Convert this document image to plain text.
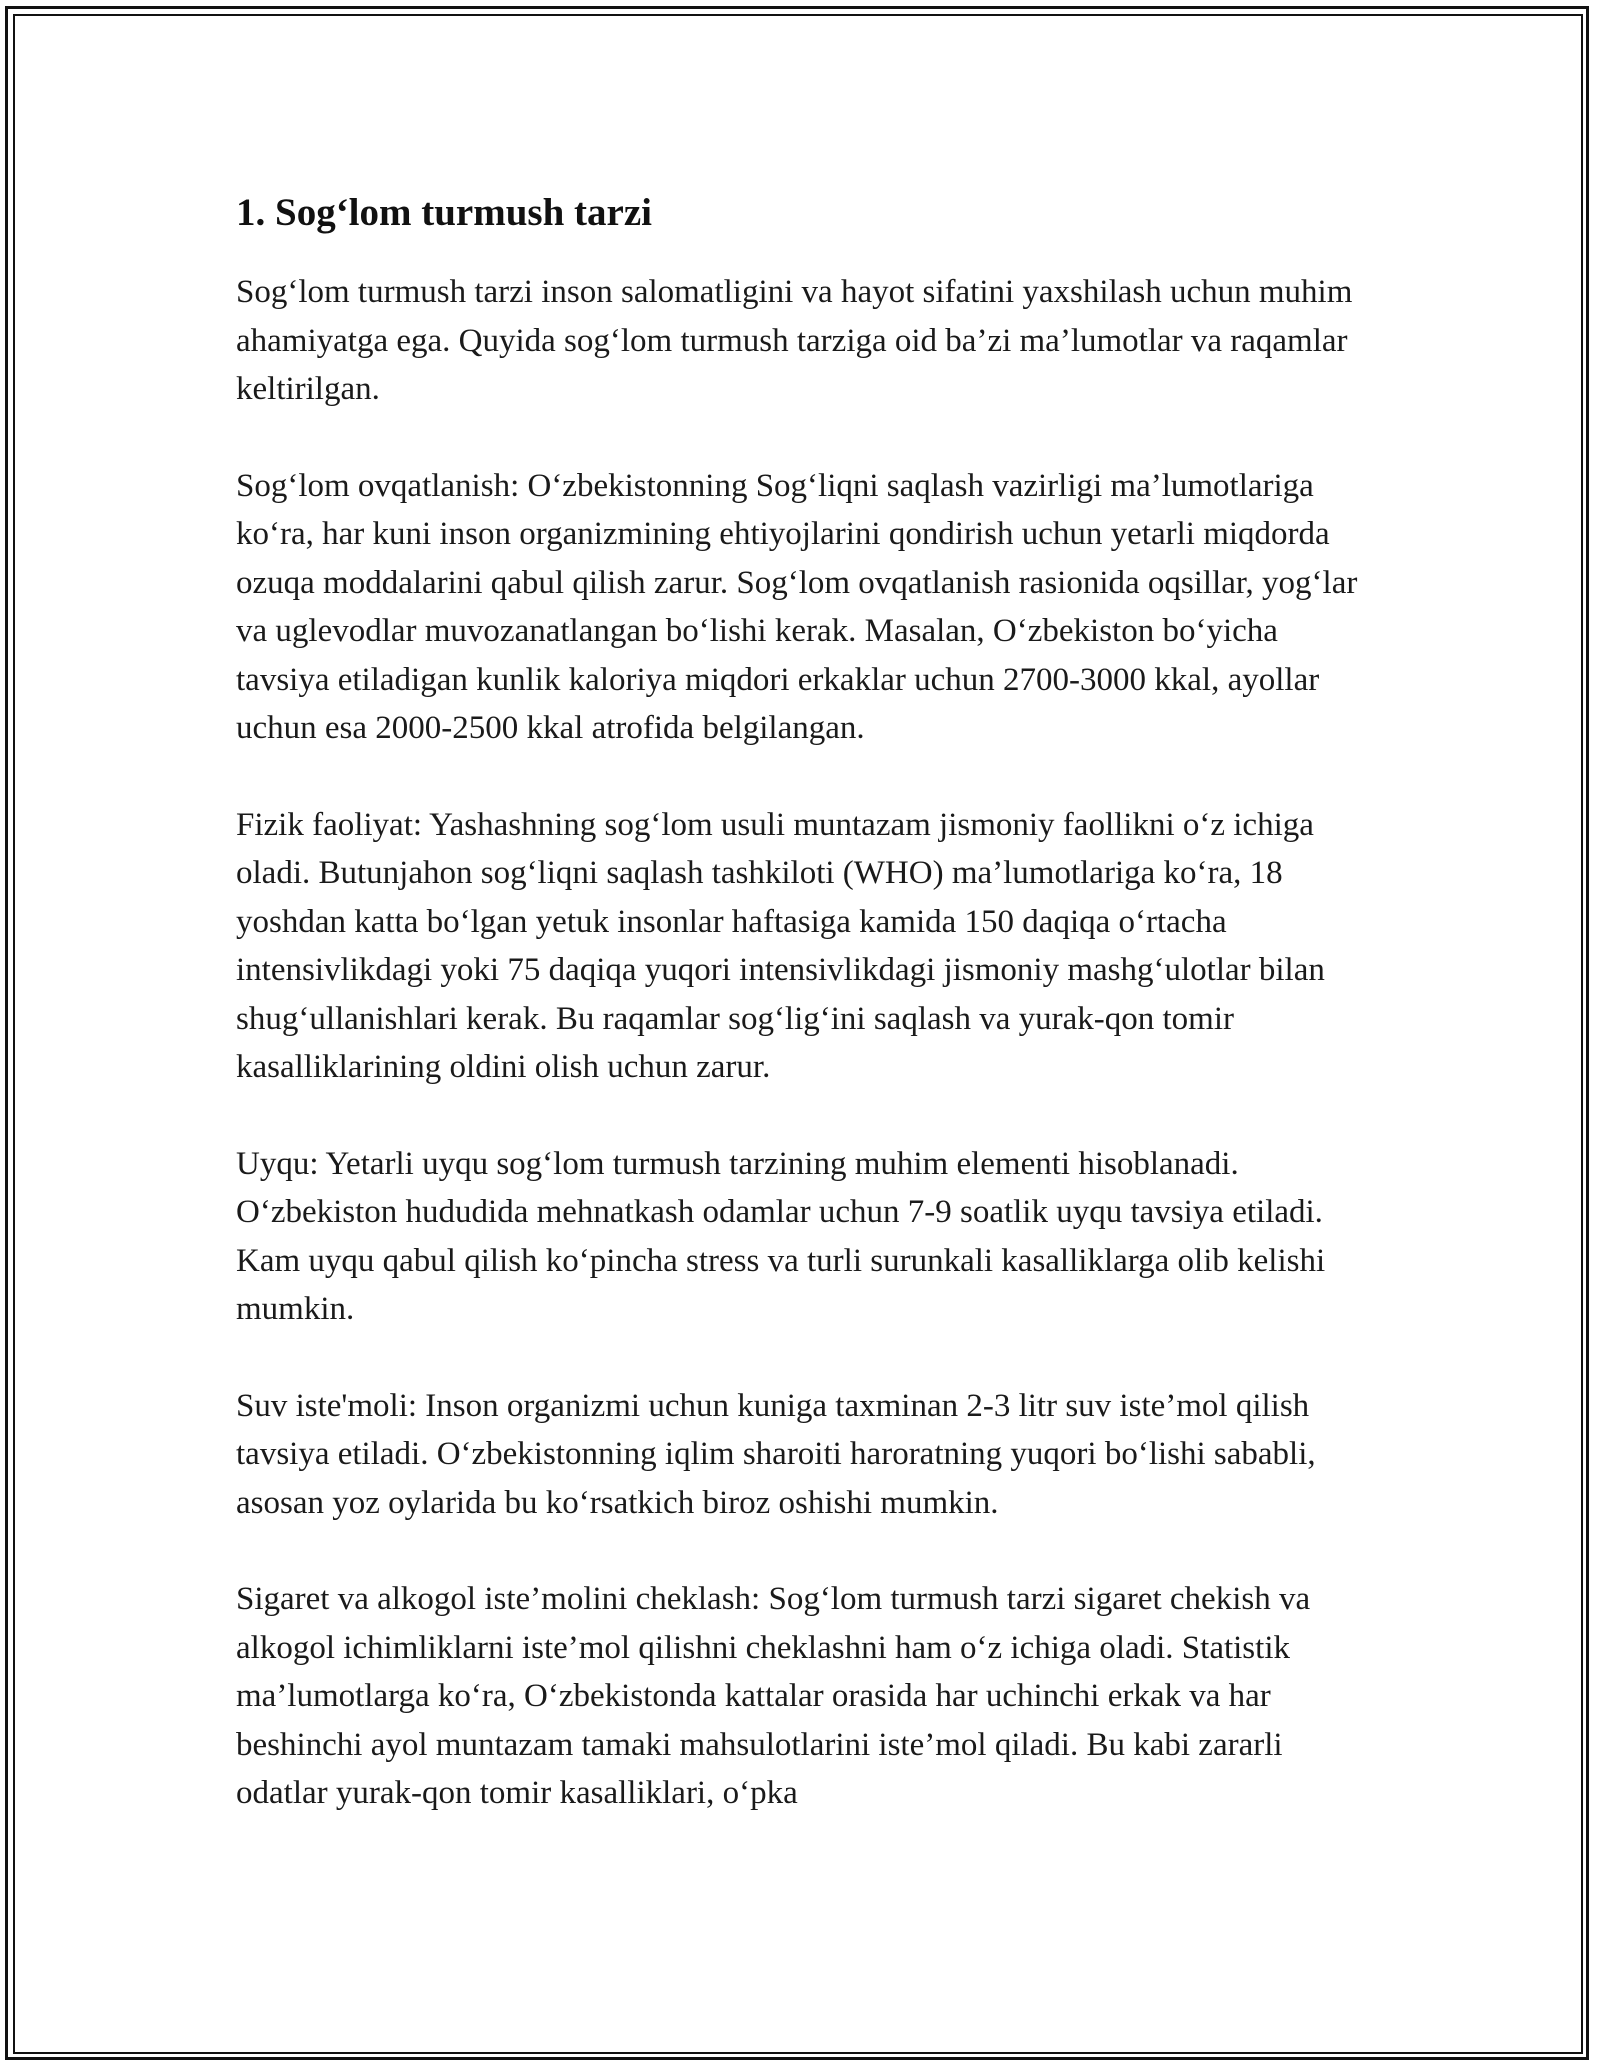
1. Sog‘lom turmush tarzi

Sog‘lom turmush tarzi inson salomatligini va hayot sifatini yaxshilash uchun muhim ahamiyatga ega. Quyida sog‘lom turmush tarziga oid ba’zi ma’lumotlar va raqamlar keltirilgan.

Sog‘lom ovqatlanish: O‘zbekistonning Sog‘liqni saqlash vazirligi ma’lumotlariga ko‘ra, har kuni inson organizmining ehtiyojlarini qondirish uchun yetarli miqdorda ozuqa moddalarini qabul qilish zarur. Sog‘lom ovqatlanish rasionida oqsillar, yog‘lar va uglevodlar muvozanatlangan bo‘lishi kerak. Masalan, O‘zbekiston bo‘yicha tavsiya etiladigan kunlik kaloriya miqdori erkaklar uchun 2700-3000 kkal, ayollar uchun esa 2000-2500 kkal atrofida belgilangan.

Fizik faoliyat: Yashashning sog‘lom usuli muntazam jismoniy faollikni o‘z ichiga oladi. Butunjahon sog‘liqni saqlash tashkiloti (WHO) ma’lumotlariga ko‘ra, 18 yoshdan katta bo‘lgan yetuk insonlar haftasiga kamida 150 daqiqa o‘rtacha intensivlikdagi yoki 75 daqiqa yuqori intensivlikdagi jismoniy mashg‘ulotlar bilan shug‘ullanishlari kerak. Bu raqamlar sog‘lig‘ini saqlash va yurak-qon tomir kasalliklarining oldini olish uchun zarur.

Uyqu: Yetarli uyqu sog‘lom turmush tarzining muhim elementi hisoblanadi. O‘zbekiston hududida mehnatkash odamlar uchun 7-9 soatlik uyqu tavsiya etiladi. Kam uyqu qabul qilish ko‘pincha stress va turli surunkali kasalliklarga olib kelishi mumkin.

Suv iste'moli: Inson organizmi uchun kuniga taxminan 2-3 litr suv iste’mol qilish tavsiya etiladi. O‘zbekistonning iqlim sharoiti haroratning yuqori bo‘lishi sababli, asosan yoz oylarida bu ko‘rsatkich biroz oshishi mumkin.

Sigaret va alkogol iste’molini cheklash: Sog‘lom turmush tarzi sigaret chekish va alkogol ichimliklarni iste’mol qilishni cheklashni ham o‘z ichiga oladi. Statistik ma’lumotlarga ko‘ra, O‘zbekistonda kattalar orasida har uchinchi erkak va har beshinchi ayol muntazam tamaki mahsulotlarini iste’mol qiladi. Bu kabi zararli odatlar yurak-qon tomir kasalliklari, o‘pka
